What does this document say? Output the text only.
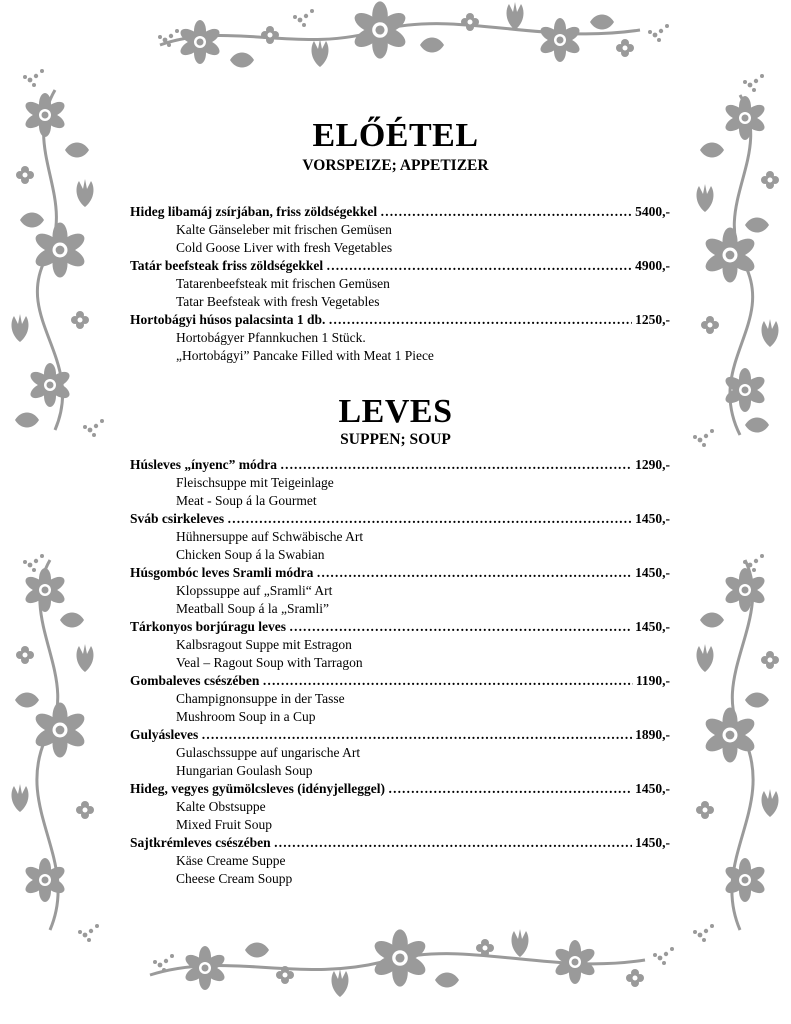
ELŐÉTEL
VORSPEIZE; APPETIZER
Hideg libamáj zsírjában, friss zöldségekkel ……………………………………………………………………………………………………………………………………………………………………	5400,-
Kalte Gänseleber mit frischen Gemüsen
Cold Goose Liver with fresh Vegetables
Tatár beefsteak friss zöldségekkel ……………………………………………………………………………………………………………………………………………………………………	4900,-
Tatarenbeefsteak mit frischen Gemüsen
Tatar Beefsteak with fresh Vegetables
Hortobágyi húsos palacsinta 1 db. ……………………………………………………………………………………………………………………………………………………………………	1250,-
Hortobágyer Pfannkuchen 1 Stück.
„Hortobágyi” Pancake Filled with Meat 1 Piece
LEVES
SUPPEN; SOUP
Húsleves „ínyenc” módra ……………………………………………………………………………………………………………………………………………………………………	1290,-
Fleischsuppe mit Teigeinlage
Meat - Soup á la Gourmet
Sváb csirkeleves ……………………………………………………………………………………………………………………………………………………………………	1450,-
Hühnersuppe auf Schwäbische Art
Chicken Soup á la Swabian
Húsgombóc leves Sramli módra ……………………………………………………………………………………………………………………………………………………………………	1450,-
Klopssuppe auf „Sramli“ Art
Meatball Soup á la „Sramli”
Tárkonyos borjúragu leves ……………………………………………………………………………………………………………………………………………………………………	1450,-
Kalbsragout Suppe mit Estragon
Veal – Ragout Soup with Tarragon
Gombaleves csészében ……………………………………………………………………………………………………………………………………………………………………	1190,-
Champignonsuppe in der Tasse
Mushroom Soup in a Cup
Gulyásleves ……………………………………………………………………………………………………………………………………………………………………	1890,-
Gulaschssuppe auf ungarische Art
Hungarian Goulash Soup
Hideg, vegyes gyümölcsleves (idényjelleggel) ……………………………………………………………………………………………………………………………………………………………………	1450,-
Kalte Obstsuppe
Mixed Fruit Soup
Sajtkrémleves csészében ……………………………………………………………………………………………………………………………………………………………………	1450,-
Käse Creame Suppe
Cheese Cream Soupp
